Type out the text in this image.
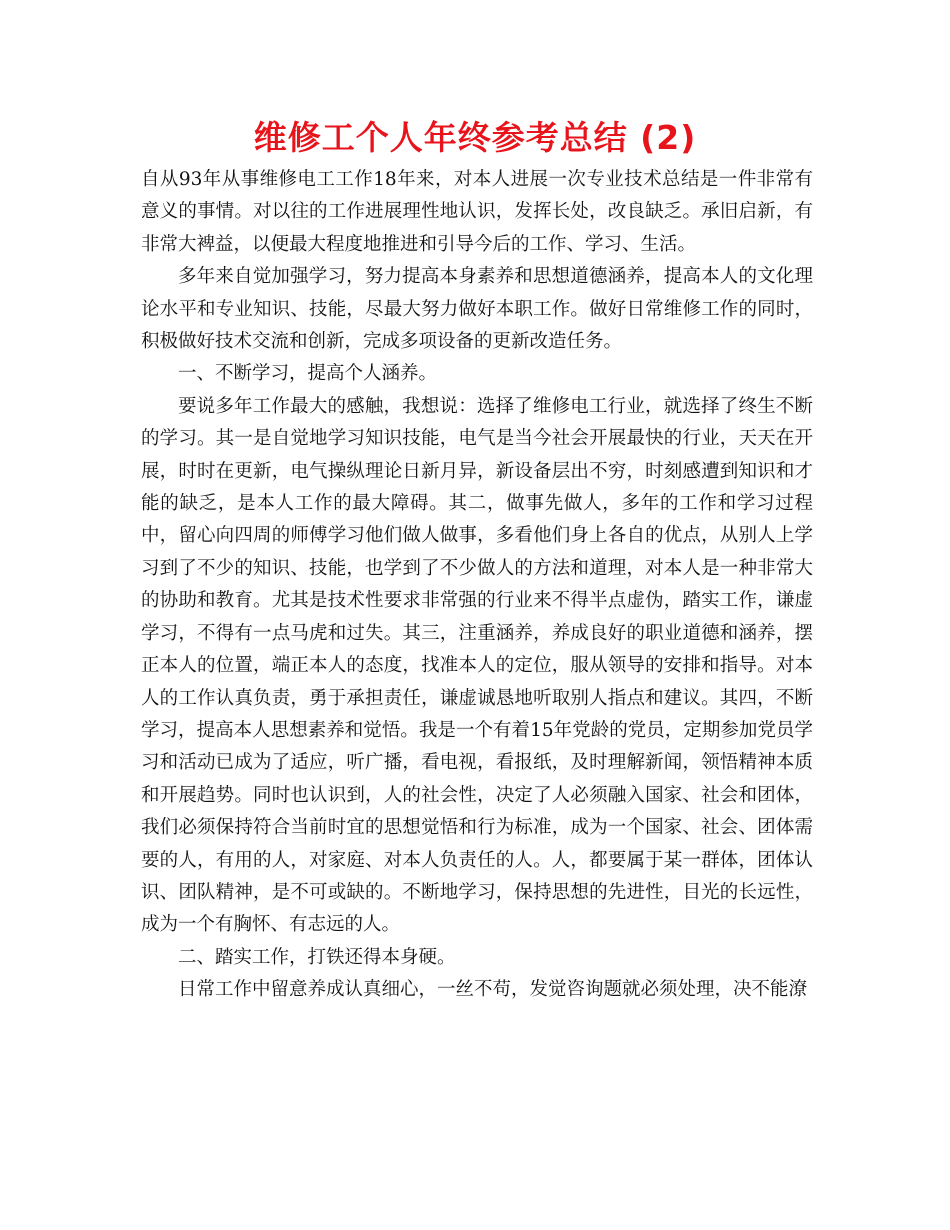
维修工个人年终参考总结 (2)

自从93年从事维修电工工作18年来，对本人进展一次专业技术总结是一件非常有意义的事情。对以往的工作进展理性地认识，发挥长处，改良缺乏。承旧启新，有非常大裨益，以便最大程度地推进和引导今后的工作、学习、生活。

多年来自觉加强学习，努力提高本身素养和思想道德涵养，提高本人的文化理论水平和专业知识、技能，尽最大努力做好本职工作。做好日常维修工作的同时，积极做好技术交流和创新，完成多项设备的更新改造任务。

一、不断学习，提高个人涵养。

要说多年工作最大的感触，我想说：选择了维修电工行业，就选择了终生不断的学习。其一是自觉地学习知识技能，电气是当今社会开展最快的行业，天天在开展，时时在更新，电气操纵理论日新月异，新设备层出不穷，时刻感遭到知识和才能的缺乏，是本人工作的最大障碍。其二，做事先做人，多年的工作和学习过程中，留心向四周的师傅学习他们做人做事，多看他们身上各自的优点，从别人上学习到了不少的知识、技能，也学到了不少做人的方法和道理，对本人是一种非常大的协助和教育。尤其是技术性要求非常强的行业来不得半点虚伪，踏实工作，谦虚学习，不得有一点马虎和过失。其三，注重涵养，养成良好的职业道德和涵养，摆正本人的位置，端正本人的态度，找准本人的定位，服从领导的安排和指导。对本人的工作认真负责，勇于承担责任，谦虚诚恳地听取别人指点和建议。其四，不断学习，提高本人思想素养和觉悟。我是一个有着15年党龄的党员，定期参加党员学习和活动已成为了适应，听广播，看电视，看报纸，及时理解新闻，领悟精神本质和开展趋势。同时也认识到，人的社会性，决定了人必须融入国家、社会和团体，我们必须保持符合当前时宜的思想觉悟和行为标准，成为一个国家、社会、团体需要的人，有用的人，对家庭、对本人负责任的人。人，都要属于某一群体，团体认识、团队精神，是不可或缺的。不断地学习，保持思想的先进性，目光的长远性，成为一个有胸怀、有志远的人。

二、踏实工作，打铁还得本身硬。

日常工作中留意养成认真细心，一丝不苟，发觉咨询题就必须处理，决不能潦
